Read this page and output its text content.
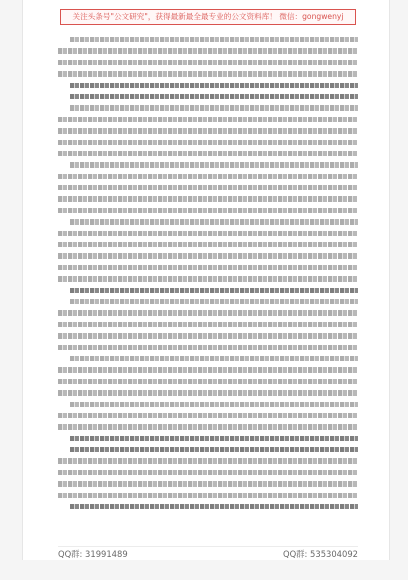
关注头条号"公文研究"，获得最新最全最专业的公文资料库！ 微信：gongwenyj
QQ群: 31991489	QQ群: 535304092
